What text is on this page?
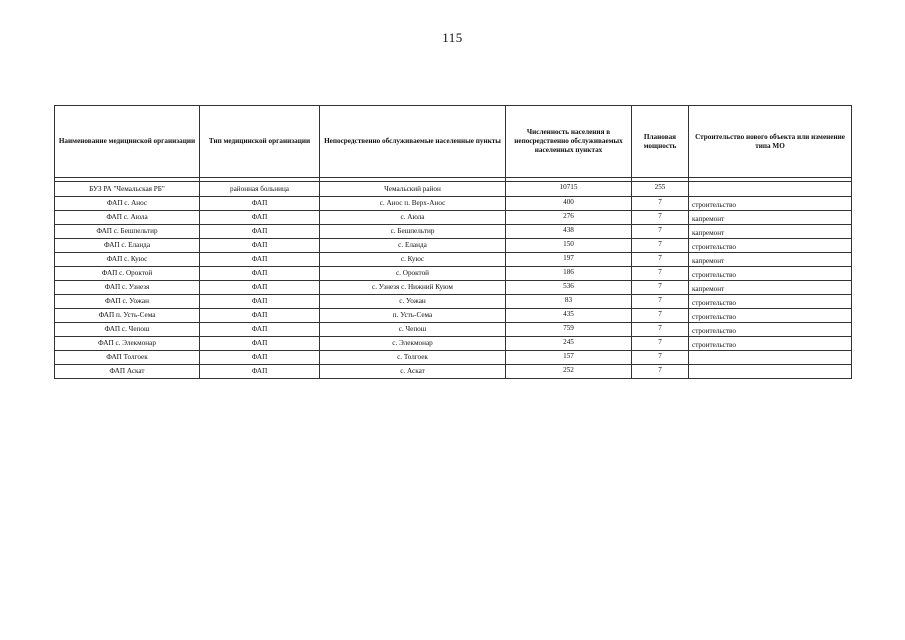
115
Наименование медицинской организации	Тип медицинской организации	Непосредственно обслуживаемые населенные пункты	Численность населения в непосредственно обслуживаемых населенных пунктах	Плановая мощность	Строительство нового объекта или изменение типа МО

БУЗ РА "Чемальская РБ"	районная больница	Чемальский район	10715	255	
ФАП с. Анос	ФАП	с. Анос п. Верх-Анос	400	7	строительство
ФАП с. Аюла	ФАП	с. Аюла	276	7	капремонт
ФАП с. Бешпельтир	ФАП	с. Бешпельтир	438	7	капремонт
ФАП с. Еланда	ФАП	с. Еланда	150	7	строительство
ФАП с. Куюс	ФАП	с. Куюс	197	7	капремонт
ФАП с. Ороктой	ФАП	с. Ороктой	186	7	строительство
ФАП с. Узнезя	ФАП	с. Узнезя с. Нижний Куюм	536	7	капремонт
ФАП с. Уожан	ФАП	с. Уожан	83	7	строительство
ФАП п. Усть-Сема	ФАП	п. Усть-Сема	435	7	строительство
ФАП с. Чепош	ФАП	с. Чепош	759	7	строительство
ФАП с. Элекмонар	ФАП	с. Элекмонар	245	7	строительство
ФАП Толгоек	ФАП	с. Толгоек	157	7	
ФАП Аскат	ФАП	с. Аскат	252	7	
